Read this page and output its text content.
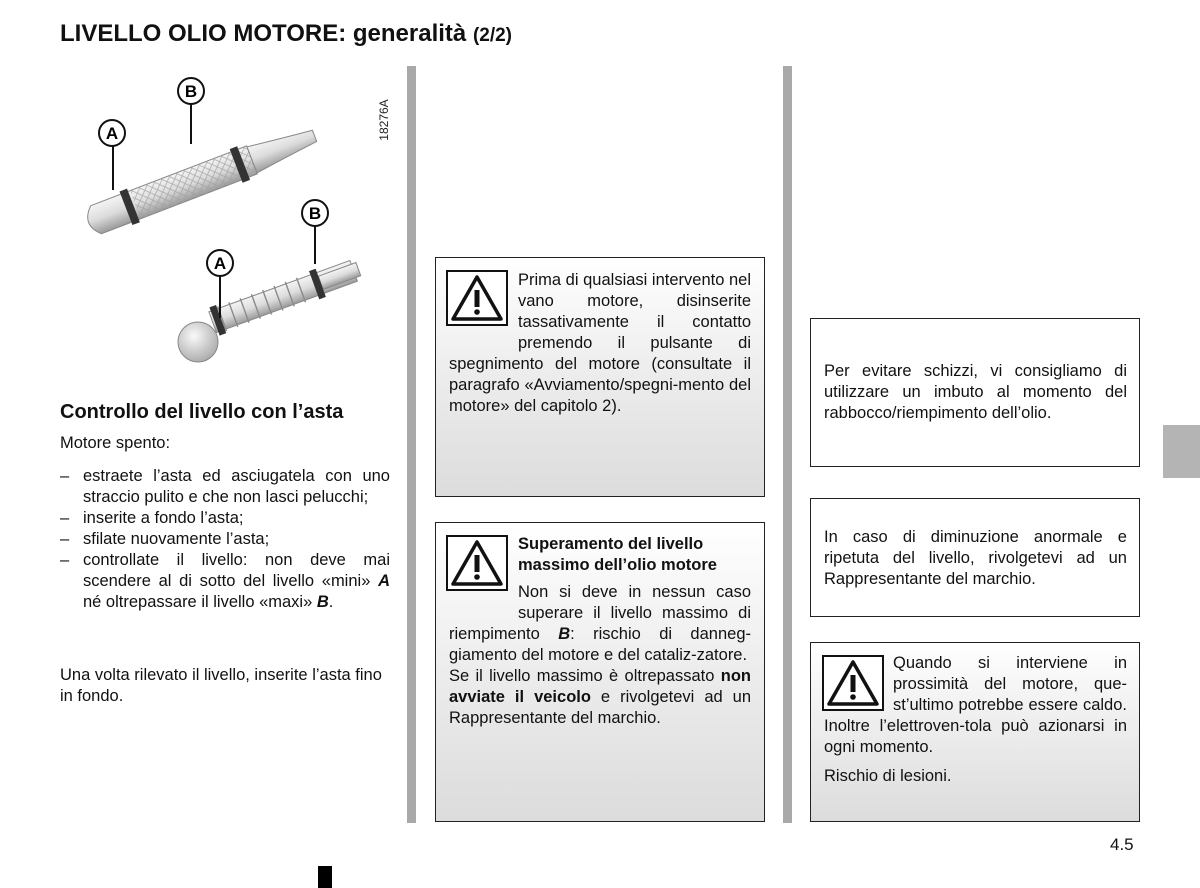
LIVELLO OLIO MOTORE: generalità (2/2)
A
B
A
B
18276A
Controllo del livello con l’asta
Motore spento:
– estraete l’asta ed asciugatela con uno straccio pulito e che non lasci pelucchi;
– inserite a fondo l’asta;
– sfilate nuovamente l’asta;
– controllate il livello: non deve mai scendere al di sotto del livello «mini» A né oltrepassare il livello «maxi» B.
Una volta rilevato il livello, inserite l’asta fino in fondo.

Prima di qualsiasi intervento nel vano motore, disinserite tassativamente il contatto premendo il pulsante di spegnimento del motore (consultate il paragrafo «Avviamento/spegni-mento del motore» del capitolo 2).

Superamento del livello massimo dell’olio motore

Non si deve in nessun caso superare il livello massimo di riempimento B: rischio di danneg-giamento del motore e del cataliz-zatore.

Se il livello massimo è oltrepassato non avviate il veicolo e rivolgetevi ad un Rappresentante del marchio.

Per evitare schizzi, vi consigliamo di utilizzare un imbuto al momento del rabbocco/riempimento dell’olio.
In caso di diminuzione anormale e ripetuta del livello, rivolgetevi ad un Rappresentante del marchio.

Quando si interviene in prossimità del motore, que-st’ultimo potrebbe essere caldo. Inoltre l’elettroven-tola può azionarsi in ogni momento.

Rischio di lesioni.

4.5
